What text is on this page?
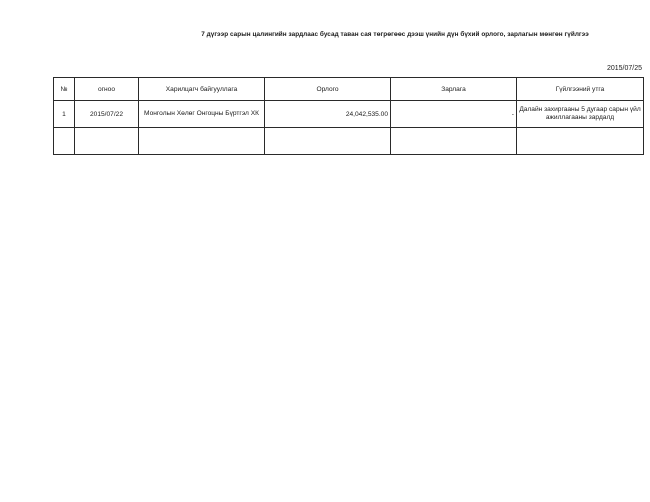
7 дүгээр сарын цалингийн зардлаас бусад таван сая төгрөгөөс дээш үнийн дүн бүхий орлого, зарлагын мөнгөн гүйлгээ
2015/07/25
№	огноо	Харилцагч байгууллага	Орлого	Зарлага	Гүйлгээний утга
1	2015/07/22	Монголын Хөлөг Онгоцны Бүртгэл ХК	24,042,535.00	-	Далайн захиргааны 5 дугаар сарын үйл ажиллагааны зардалд
